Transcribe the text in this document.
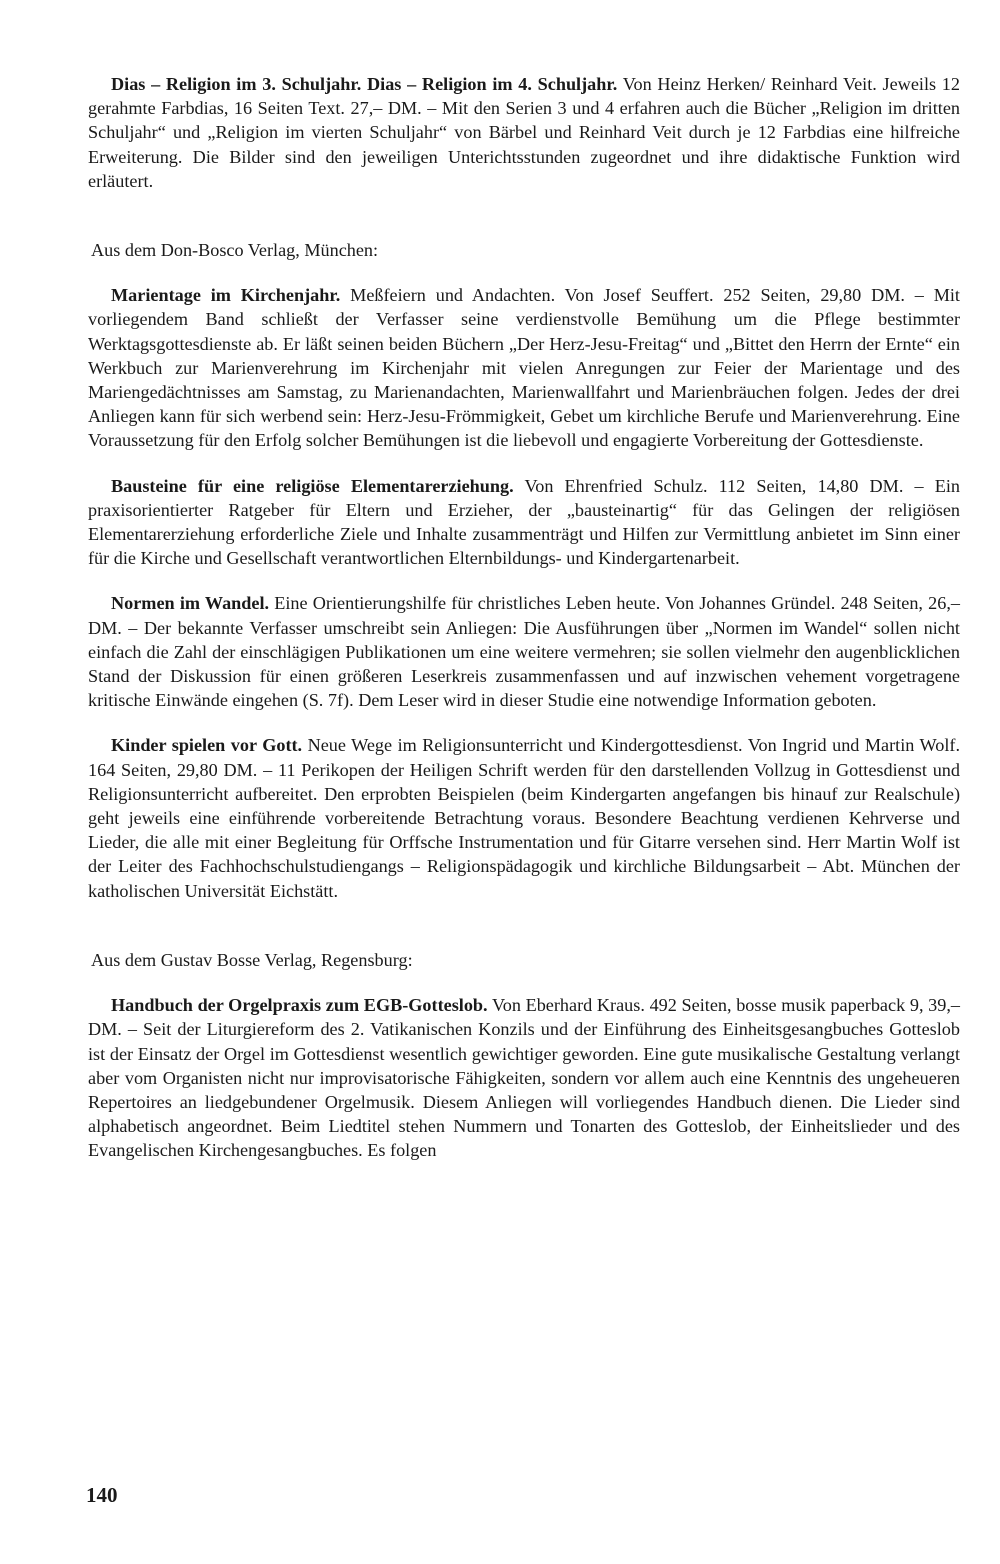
Dias – Religion im 3. Schuljahr. Dias – Religion im 4. Schuljahr. Von Heinz Herken/ Reinhard Veit. Jeweils 12 gerahmte Farbdias, 16 Seiten Text. 27,– DM. – Mit den Serien 3 und 4 erfahren auch die Bücher „Religion im dritten Schuljahr“ und „Religion im vierten Schuljahr“ von Bärbel und Reinhard Veit durch je 12 Farbdias eine hilfreiche Erweiterung. Die Bilder sind den jeweiligen Unterichtsstunden zugeordnet und ihre didaktische Funktion wird erläutert.

Aus dem Don-Bosco Verlag, München:

Marientage im Kirchenjahr. Meßfeiern und Andachten. Von Josef Seuffert. 252 Seiten, 29,80 DM. – Mit vorliegendem Band schließt der Verfasser seine verdienstvolle Bemühung um die Pflege bestimmter Werktagsgottesdienste ab. Er läßt seinen beiden Büchern „Der Herz-Jesu-Freitag“ und „Bittet den Herrn der Ernte“ ein Werkbuch zur Marienverehrung im Kirchenjahr mit vielen Anregungen zur Feier der Marientage und des Mariengedächtnisses am Samstag, zu Marienandachten, Marienwallfahrt und Marienbräuchen folgen. Jedes der drei Anliegen kann für sich werbend sein: Herz-Jesu-Frömmigkeit, Gebet um kirchliche Berufe und Marienverehrung. Eine Voraussetzung für den Erfolg solcher Bemühungen ist die liebevoll und engagierte Vorbereitung der Gottesdienste.

Bausteine für eine religiöse Elementarerziehung. Von Ehrenfried Schulz. 112 Seiten, 14,80 DM. – Ein praxisorientierter Ratgeber für Eltern und Erzieher, der „bausteinartig“ für das Gelingen der religiösen Elementarerziehung erforderliche Ziele und Inhalte zusammenträgt und Hilfen zur Vermittlung anbietet im Sinn einer für die Kirche und Gesellschaft verantwortlichen Elternbildungs- und Kindergartenarbeit.

Normen im Wandel. Eine Orientierungshilfe für christliches Leben heute. Von Johannes Gründel. 248 Seiten, 26,– DM. – Der bekannte Verfasser umschreibt sein Anliegen: Die Ausführungen über „Normen im Wandel“ sollen nicht einfach die Zahl der einschlägigen Publikationen um eine weitere vermehren; sie sollen vielmehr den augenblicklichen Stand der Diskussion für einen größeren Leserkreis zusammenfassen und auf inzwischen vehement vorgetragene kritische Einwände eingehen (S. 7f). Dem Leser wird in dieser Studie eine notwendige Information geboten.

Kinder spielen vor Gott. Neue Wege im Religionsunterricht und Kindergottesdienst. Von Ingrid und Martin Wolf. 164 Seiten, 29,80 DM. – 11 Perikopen der Heiligen Schrift werden für den darstellenden Vollzug in Gottesdienst und Religionsunterricht aufbereitet. Den erprobten Beispielen (beim Kindergarten angefangen bis hinauf zur Realschule) geht jeweils eine einführende vorbereitende Betrachtung voraus. Besondere Beachtung verdienen Kehrverse und Lieder, die alle mit einer Begleitung für Orffsche Instrumentation und für Gitarre versehen sind. Herr Martin Wolf ist der Leiter des Fachhochschulstudiengangs – Religionspädagogik und kirchliche Bildungsarbeit – Abt. München der katholischen Universität Eichstätt.

Aus dem Gustav Bosse Verlag, Regensburg:

Handbuch der Orgelpraxis zum EGB-Gotteslob. Von Eberhard Kraus. 492 Seiten, bosse musik paperback 9, 39,– DM. – Seit der Liturgiereform des 2. Vatikanischen Konzils und der Einführung des Einheitsgesangbuches Gotteslob ist der Einsatz der Orgel im Gottesdienst wesentlich gewichtiger geworden. Eine gute musikalische Gestaltung verlangt aber vom Organisten nicht nur improvisatorische Fähigkeiten, sondern vor allem auch eine Kenntnis des ungeheueren Repertoires an liedgebundener Orgelmusik. Diesem Anliegen will vorliegendes Handbuch dienen. Die Lieder sind alphabetisch angeordnet. Beim Liedtitel stehen Nummern und Tonarten des Gotteslob, der Einheitslieder und des Evangelischen Kirchengesangbuches. Es folgen

140
